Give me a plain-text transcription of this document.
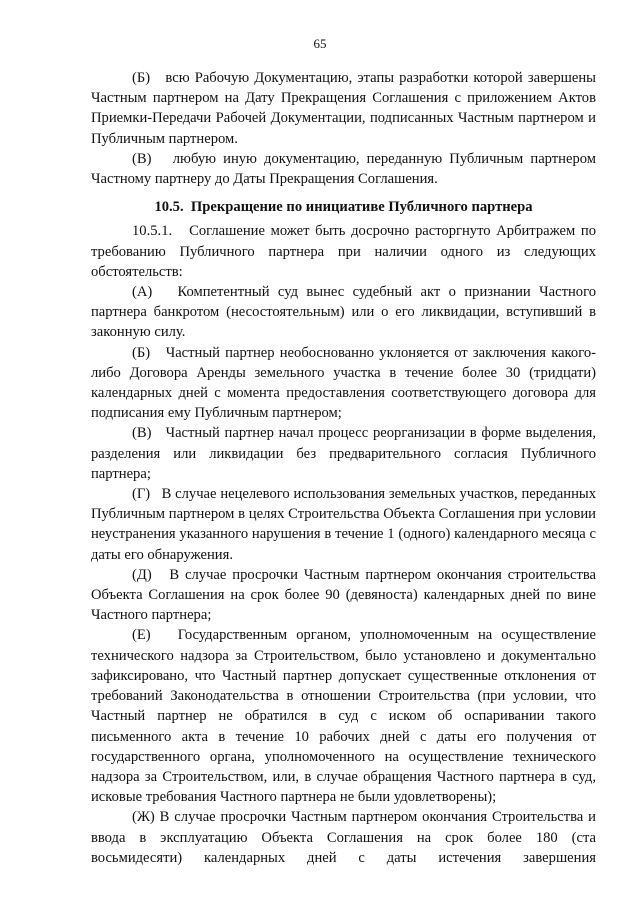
65

(Б)   всю Рабочую Документацию, этапы разработки которой завершены Частным партнером на Дату Прекращения Соглашения с приложением Актов Приемки-Передачи Рабочей Документации, подписанных Частным партнером и Публичным партнером.

(В)   любую иную документацию, переданную Публичным партнером Частному партнеру до Даты Прекращения Соглашения.

10.5.  Прекращение по инициативе Публичного партнера

10.5.1.   Соглашение может быть досрочно расторгнуто Арбитражем по требованию Публичного партнера при наличии одного из следующих обстоятельств:

(А)   Компетентный суд вынес судебный акт о признании Частного партнера банкротом (несостоятельным) или о его ликвидации, вступивший в законную силу.

(Б)   Частный партнер необоснованно уклоняется от заключения какого-либо Договора Аренды земельного участка в течение более 30 (тридцати) календарных дней с момента предоставления соответствующего договора для подписания ему Публичным партнером;

(В)   Частный партнер начал процесс реорганизации в форме выделения, разделения или ликвидации без предварительного согласия Публичного партнера;

(Г)   В случае нецелевого использования земельных участков, переданных Публичным партнером в целях Строительства Объекта Соглашения при условии неустранения указанного нарушения в течение 1 (одного) календарного месяца с даты его обнаружения.

(Д)   В случае просрочки Частным партнером окончания строительства Объекта Соглашения на срок более 90 (девяноста) календарных дней по вине Частного партнера;

(Е)   Государственным органом, уполномоченным на осуществление технического надзора за Строительством, было установлено и документально зафиксировано, что Частный партнер допускает существенные отклонения от требований Законодательства в отношении Строительства (при условии, что Частный партнер не обратился в суд с иском об оспаривании такого письменного акта в течение 10 рабочих дней с даты его получения от государственного органа, уполномоченного на осуществление технического надзора за Строительством, или, в случае обращения Частного партнера в суд, исковые требования Частного партнера не были удовлетворены);

(Ж) В случае просрочки Частным партнером окончания Строительства и ввода в эксплуатацию Объекта Соглашения на срок более 180 (ста восьмидесяти) календарных дней с даты истечения завершения
